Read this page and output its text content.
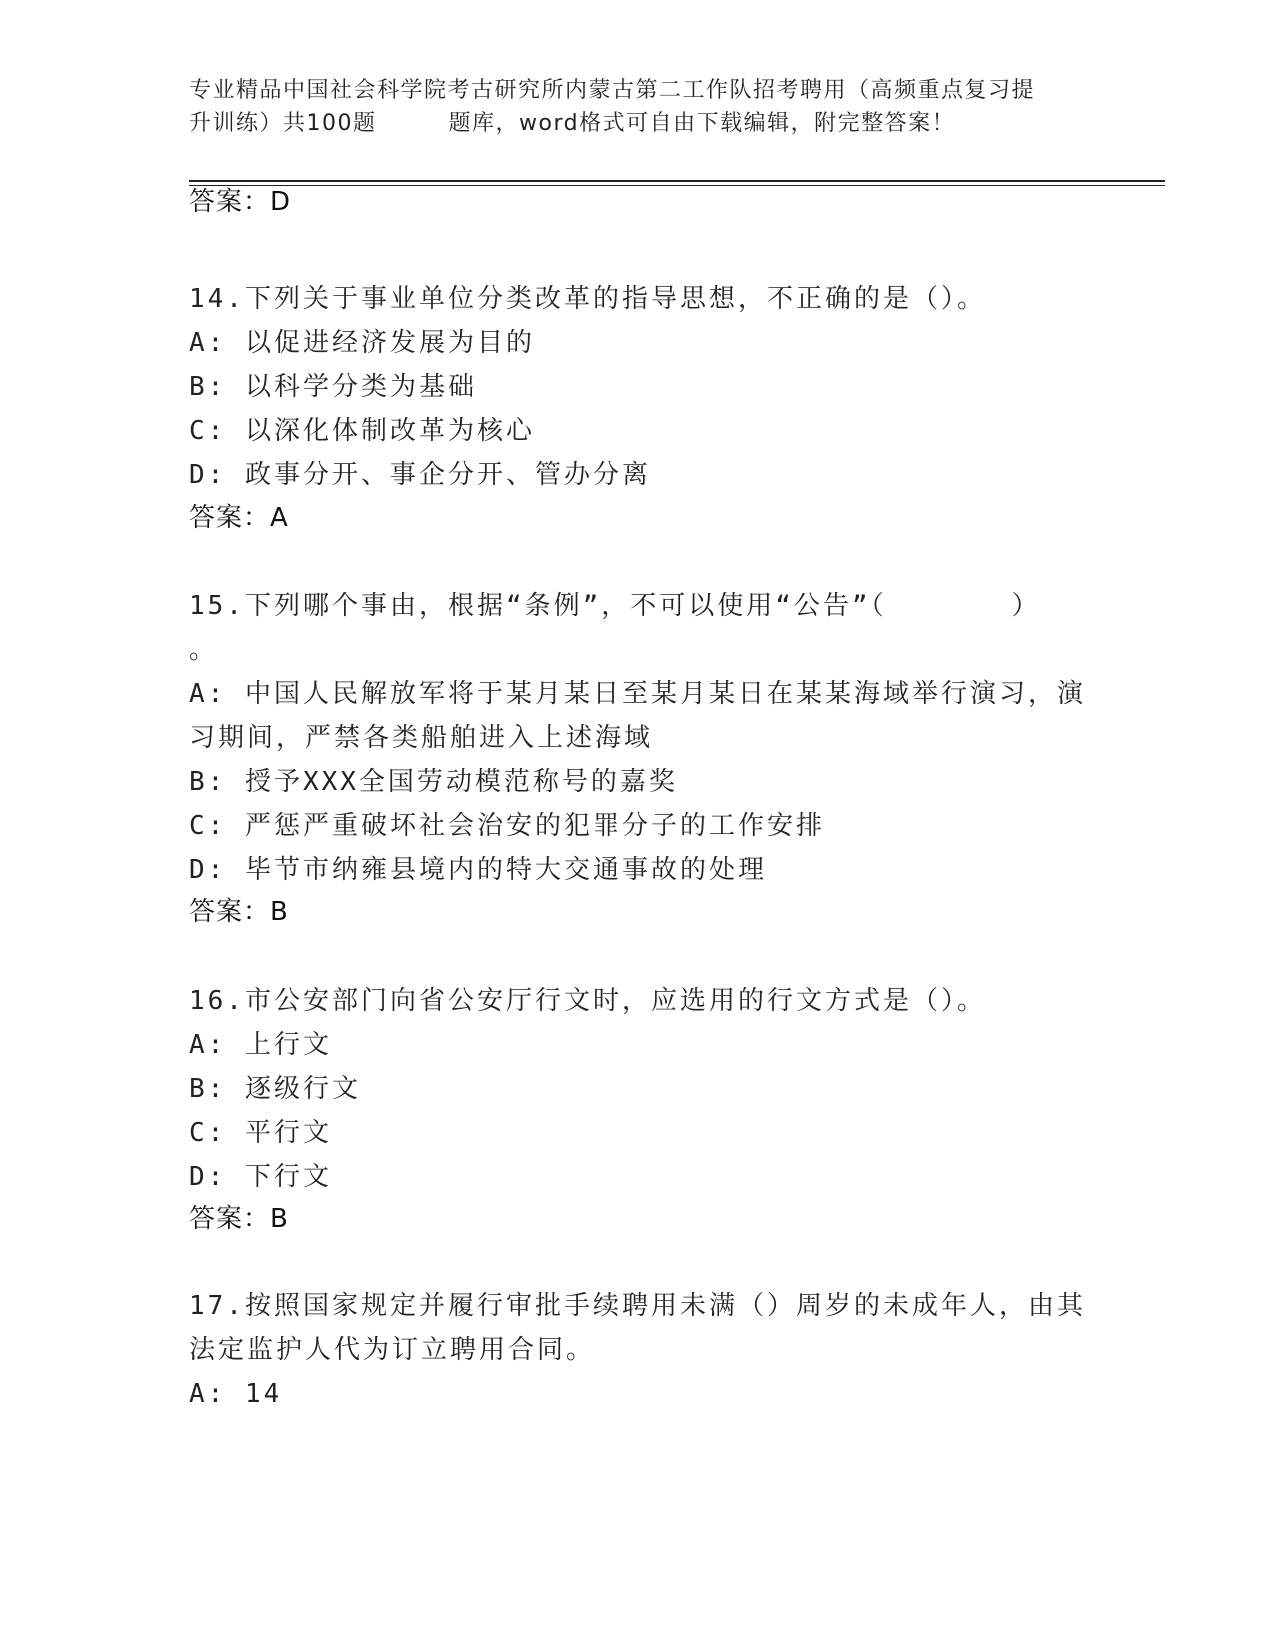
专业精品中国社会科学院考古研究所内蒙古第二工作队招考聘用（高频重点复习提
升训练）共100题	题库，word格式可自由下载编辑，附完整答案！

答案：D

14.下列关于事业单位分类改革的指导思想，不正确的是（）。

A: 以促进经济发展为目的

B: 以科学分类为基础

C: 以深化体制改革为核心

D: 政事分开、事企分开、管办分离

答案：A

15.下列哪个事由，根据“条例”，不可以使用“公告”（	）

。

A: 中国人民解放军将于某月某日至某月某日在某某海域举行演习，演

习期间，严禁各类船舶进入上述海域

B: 授予XXX全国劳动模范称号的嘉奖

C: 严惩严重破坏社会治安的犯罪分子的工作安排

D: 毕节市纳雍县境内的特大交通事故的处理

答案：B

16.市公安部门向省公安厅行文时，应选用的行文方式是（）。

A: 上行文

B: 逐级行文

C: 平行文

D: 下行文

答案：B

17.按照国家规定并履行审批手续聘用未满（）周岁的未成年人，由其

法定监护人代为订立聘用合同。

A: 14
